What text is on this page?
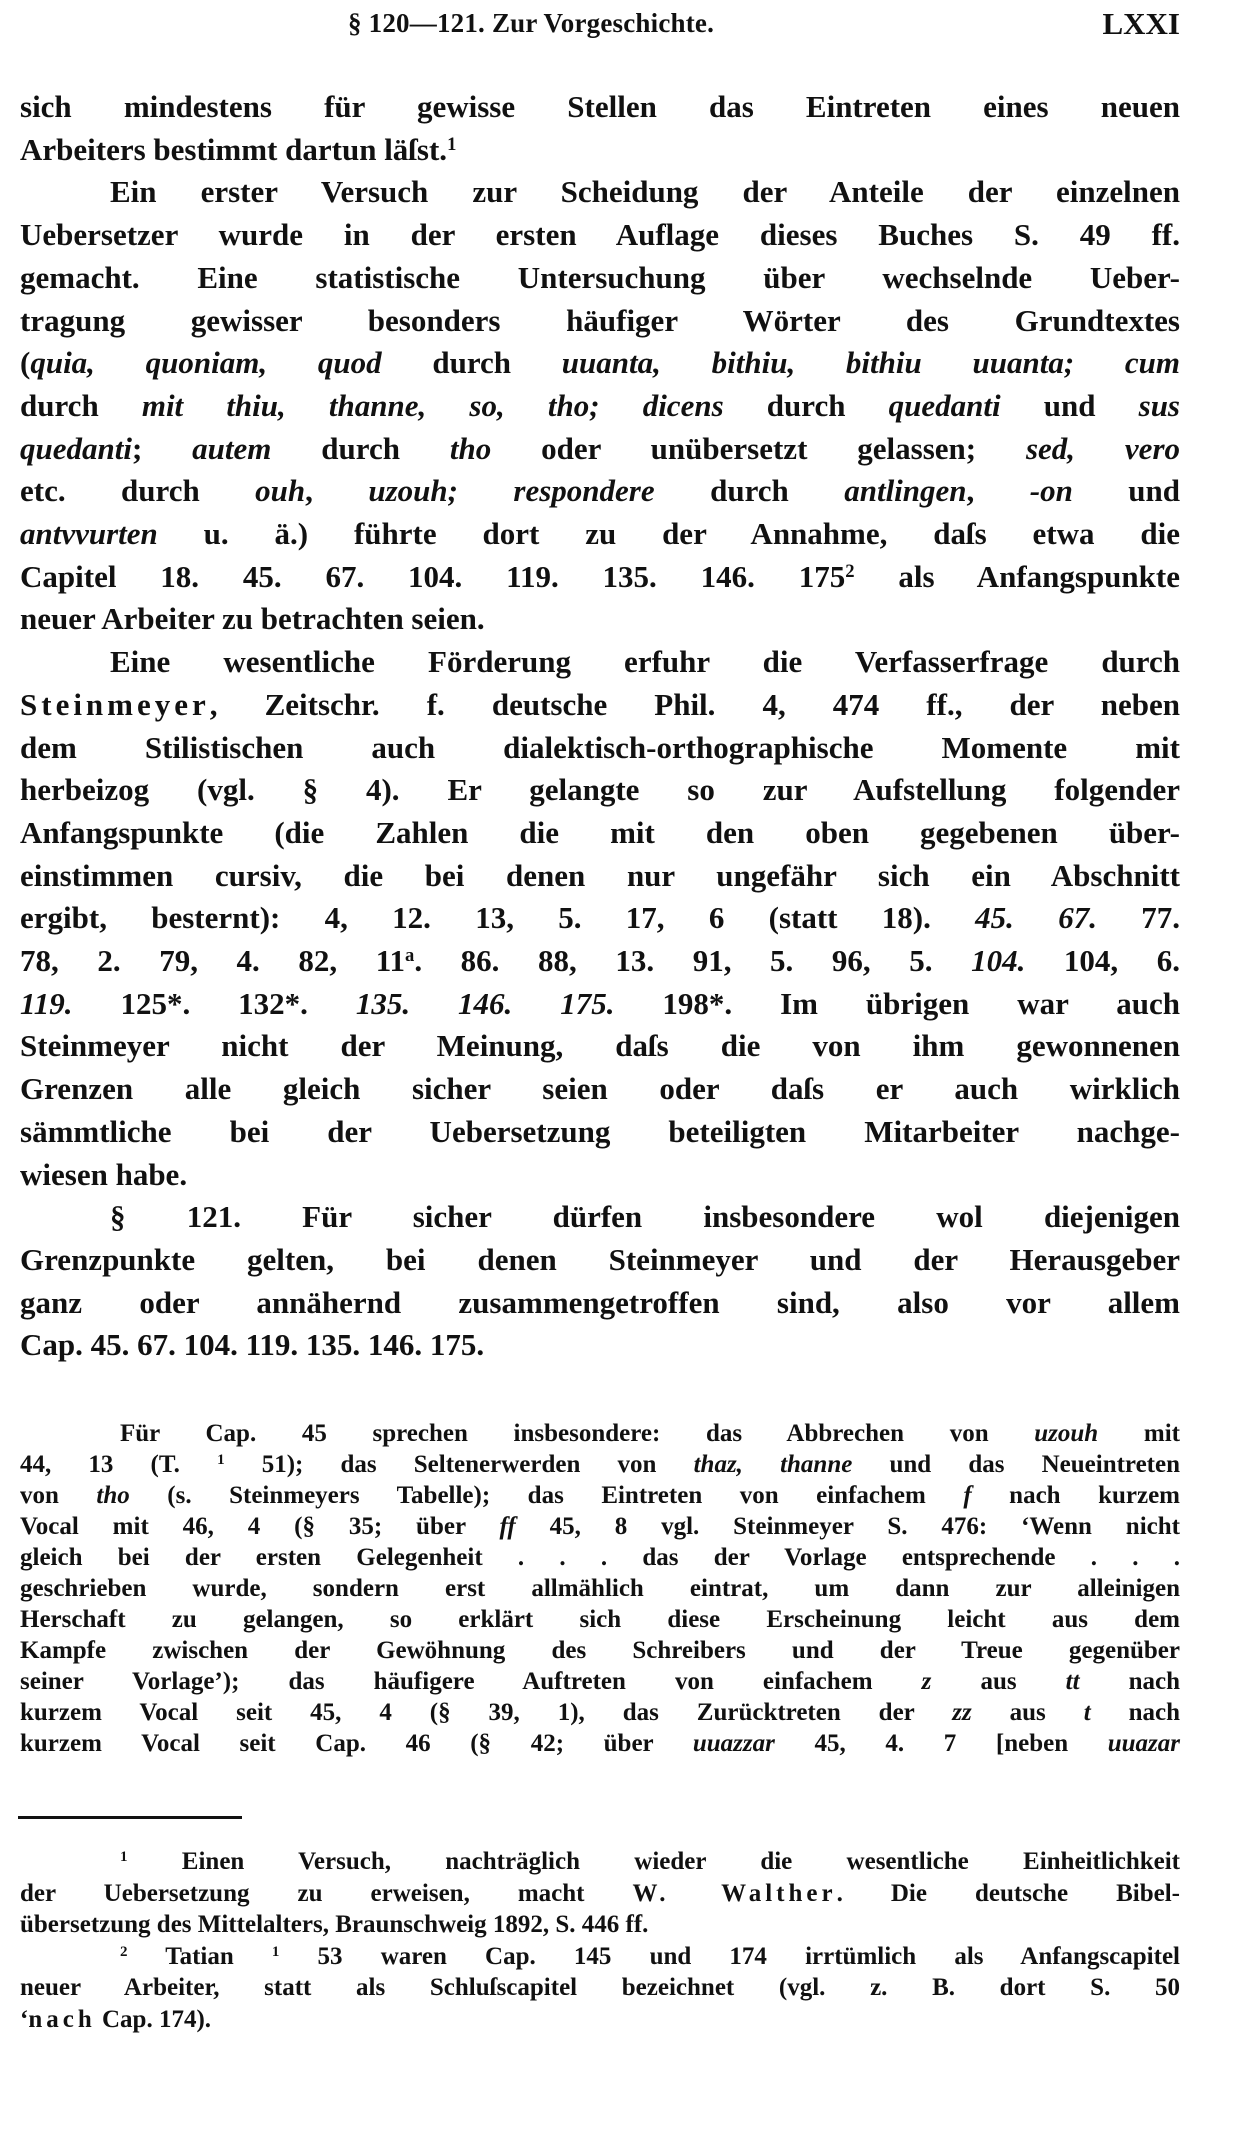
§ 120—121. Zur Vorgeschichte.	LXXI
sich mindestens für gewisse Stellen das Eintreten eines neuen
Arbeiters bestimmt dartun läſst.$^1$
Ein erster Versuch zur Scheidung der Anteile der einzelnen
Uebersetzer wurde in der ersten Auflage dieses Buches S. 49 ff.
gemacht. Eine statistische Untersuchung über wechselnde Ueber-
tragung gewisser besonders häufiger Wörter des Grundtextes
(quia, quoniam, quod durch uuanta, bithiu, bithiu uuanta; cum
durch mit thiu, thanne, so, tho; dicens durch quedanti und sus
quedanti; autem durch tho oder unübersetzt gelassen; sed, vero
etc. durch ouh, uzouh; respondere durch antlingen, -on und
antvvurten u. ä.) führte dort zu der Annahme, daſs etwa die
Capitel 18. 45. 67. 104. 119. 135. 146. $175^2$ als Anfangspunkte
neuer Arbeiter zu betrachten seien.
Eine wesentliche Förderung erfuhr die Verfasserfrage durch
Steinmeyer, Zeitschr. f. deutsche Phil. 4, 474 ff., der neben
dem Stilistischen auch dialektisch-orthographische Momente mit
herbeizog (vgl. § 4). Er gelangte so zur Aufstellung folgender
Anfangspunkte (die Zahlen die mit den oben gegebenen über-
einstimmen cursiv, die bei denen nur ungefähr sich ein Abschnitt
ergibt, besternt): 4, 12. 13, 5. 17, 6 (statt 18). 45. 67. 77.
78, 2. 79, 4. 82, 11$^a$. 86. 88, 13. 91, 5. 96, 5. 104. 104, 6.
119. 125*. 132*. 135. 146. 175. 198*. Im übrigen war auch
Steinmeyer nicht der Meinung, daſs die von ihm gewonnenen
Grenzen alle gleich sicher seien oder daſs er auch wirklich
sämmtliche bei der Uebersetzung beteiligten Mitarbeiter nachge-
wiesen habe.
§ 121. Für sicher dürfen insbesondere wol diejenigen
Grenzpunkte gelten, bei denen Steinmeyer und der Herausgeber
ganz oder annähernd zusammengetroffen sind, also vor allem
Cap. 45. 67. 104. 119. 135. 146. 175.
Für Cap. 45 sprechen insbesondere: das Abbrechen von uzouh mit
44, 13 (T. $^1$ 51); das Seltenerwerden von thaz, thanne und das Neueintreten
von tho (s. Steinmeyers Tabelle); das Eintreten von einfachem f nach kurzem
Vocal mit 46, 4 (§ 35; über ff 45, 8 vgl. Steinmeyer S. 476: ‘Wenn nicht
gleich bei der ersten Gelegenheit . . . das der Vorlage entsprechende . . .
geschrieben wurde, sondern erst allmählich eintrat, um dann zur alleinigen
Herschaft zu gelangen, so erklärt sich diese Erscheinung leicht aus dem
Kampfe zwischen der Gewöhnung des Schreibers und der Treue gegenüber
seiner Vorlage’); das häufigere Auftreten von einfachem z aus tt nach
kurzem Vocal seit 45, 4 (§ 39, 1), das Zurücktreten der zz aus t nach
kurzem Vocal seit Cap. 46 (§ 42; über uuazzar 45, 4. 7 [neben uuazar
$^1$ Einen Versuch, nachträglich wieder die wesentliche Einheitlichkeit
der Uebersetzung zu erweisen, macht W. Walther. Die deutsche Bibel-
übersetzung des Mittelalters, Braunschweig 1892, S. 446 ff.
$^2$ Tatian $^1$ 53 waren Cap. 145 und 174 irrtümlich als Anfangscapitel
neuer Arbeiter, statt als Schluſscapitel bezeichnet (vgl. z. B. dort S. 50
‘nach Cap. 174).
